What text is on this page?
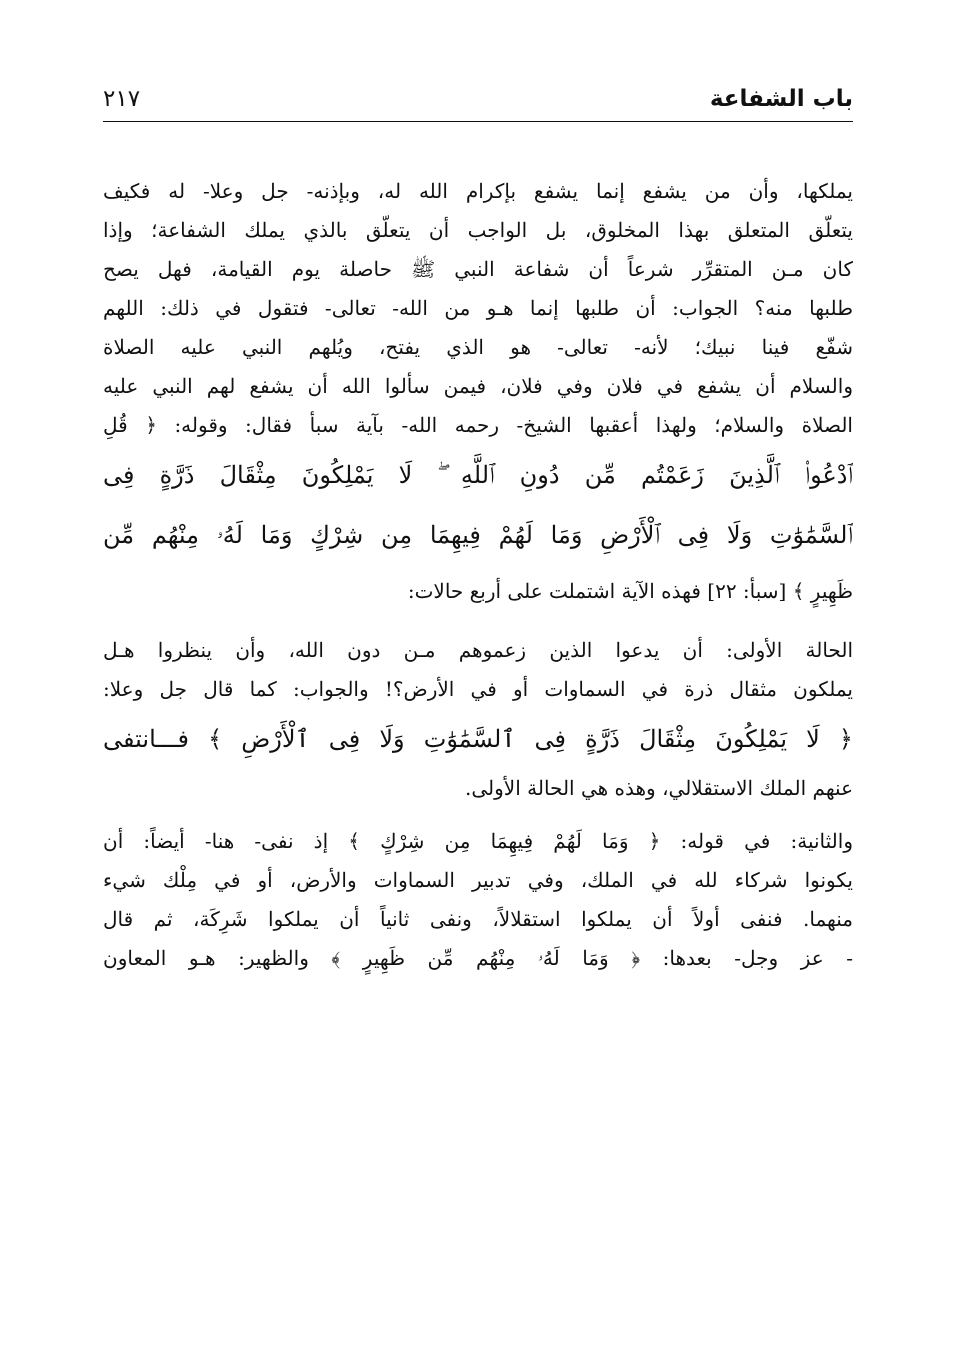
باب الشفاعة
٢١٧
يملكها، وأن من يشفع إنما يشفع بإكرام الله له، وبإذنه- جل وعلا- له فكيف
يتعلّق المتعلق بهذا المخلوق، بل الواجب أن يتعلّق بالذي يملك الشفاعة؛ وإذا
كان مـن المتقرِّر شرعاً أن شفاعة النبي ﷺ حاصلة يوم القيامة، فهل يصح
طلبها منه؟ الجواب: أن طلبها إنما هـو من الله- تعالى- فتقول في ذلك: اللهم
شفّع فينا نبيك؛ لأنه- تعالى- هو الذي يفتح، ويُلهم النبي عليه الصلاة
والسلام أن يشفع في فلان وفي فلان، فيمن سألوا الله أن يشفع لهم النبي عليه
الصلاة والسلام؛ ولهذا أعقبها الشيخ- رحمه الله- بآية سبأ فقال: وقوله: ﴿ قُلِ
ٱدْعُوا۟ ٱلَّذِينَ زَعَمْتُم مِّن دُونِ ٱللَّهِ ۖ لَا يَمْلِكُونَ مِثْقَالَ ذَرَّةٍ فِى
ٱلسَّمَٰوَٰتِ وَلَا فِى ٱلْأَرْضِ وَمَا لَهُمْ فِيهِمَا مِن شِرْكٍ وَمَا لَهُۥ مِنْهُم مِّن
ظَهِيرٍ ﴾ [سبأ: ٢٢] فهذه الآية اشتملت على أربع حالات:
الحالة الأولى: أن يدعوا الذين زعموهم مـن دون الله، وأن ينظروا هـل
يملكون مثقال ذرة في السماوات أو في الأرض؟! والجواب: كما قال جل وعلا:
﴿ لَا يَمْلِكُونَ مِثْقَالَ ذَرَّةٍ فِى ٱلسَّمَٰوَٰتِ وَلَا فِى ٱلْأَرْضِ ﴾ فـــانتفى
عنهم الملك الاستقلالي، وهذه هي الحالة الأولى.
والثانية: في قوله: ﴿ وَمَا لَهُمْ فِيهِمَا مِن شِرْكٍ ﴾ إذ نفى- هنا- أيضاً: أن
يكونوا شركاء لله في الملك، وفي تدبير السماوات والأرض، أو في مِلْك شيء
منهما. فنفى أولاً أن يملكوا استقلالاً، ونفى ثانياً أن يملكوا شَرِكَة، ثم قال
- عز وجل- بعدها: ﴿ وَمَا لَهُۥ مِنْهُم مِّن ظَهِيرٍ ﴾ والظهير: هـو المعاون
